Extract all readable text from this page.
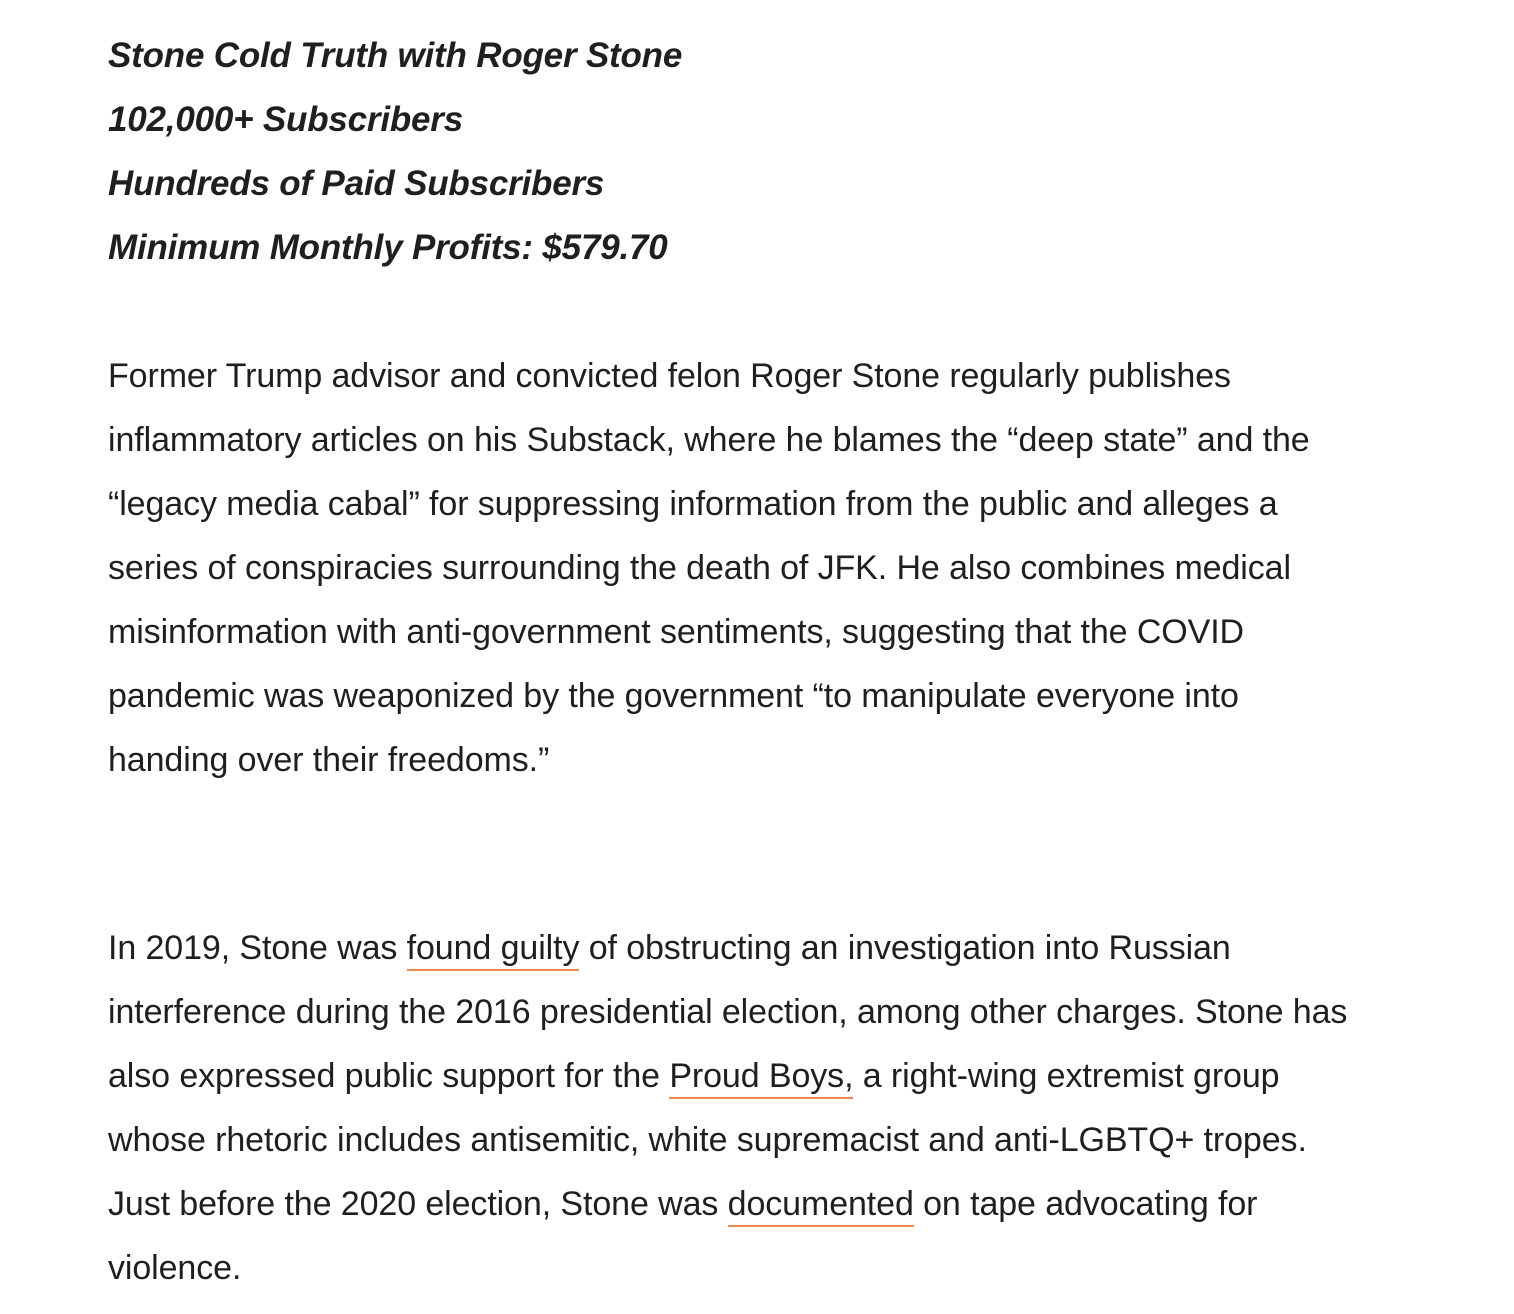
Stone Cold Truth with Roger Stone
102,000+ Subscribers
Hundreds of Paid Subscribers
Minimum Monthly Profits: $579.70

Former Trump advisor and convicted felon Roger Stone regularly publishes inflammatory articles on his Substack, where he blames the “deep state” and the “legacy media cabal” for suppressing information from the public and alleges a series of conspiracies surrounding the death of JFK. He also combines medical misinformation with anti-government sentiments, suggesting that the COVID pandemic was weaponized by the government “to manipulate everyone into handing over their freedoms.”

In 2019, Stone was found guilty of obstructing an investigation into Russian interference during the 2016 presidential election, among other charges. Stone has also expressed public support for the Proud Boys, a right-wing extremist group whose rhetoric includes antisemitic, white supremacist and anti-LGBTQ+ tropes. Just before the 2020 election, Stone was documented on tape advocating for violence.
